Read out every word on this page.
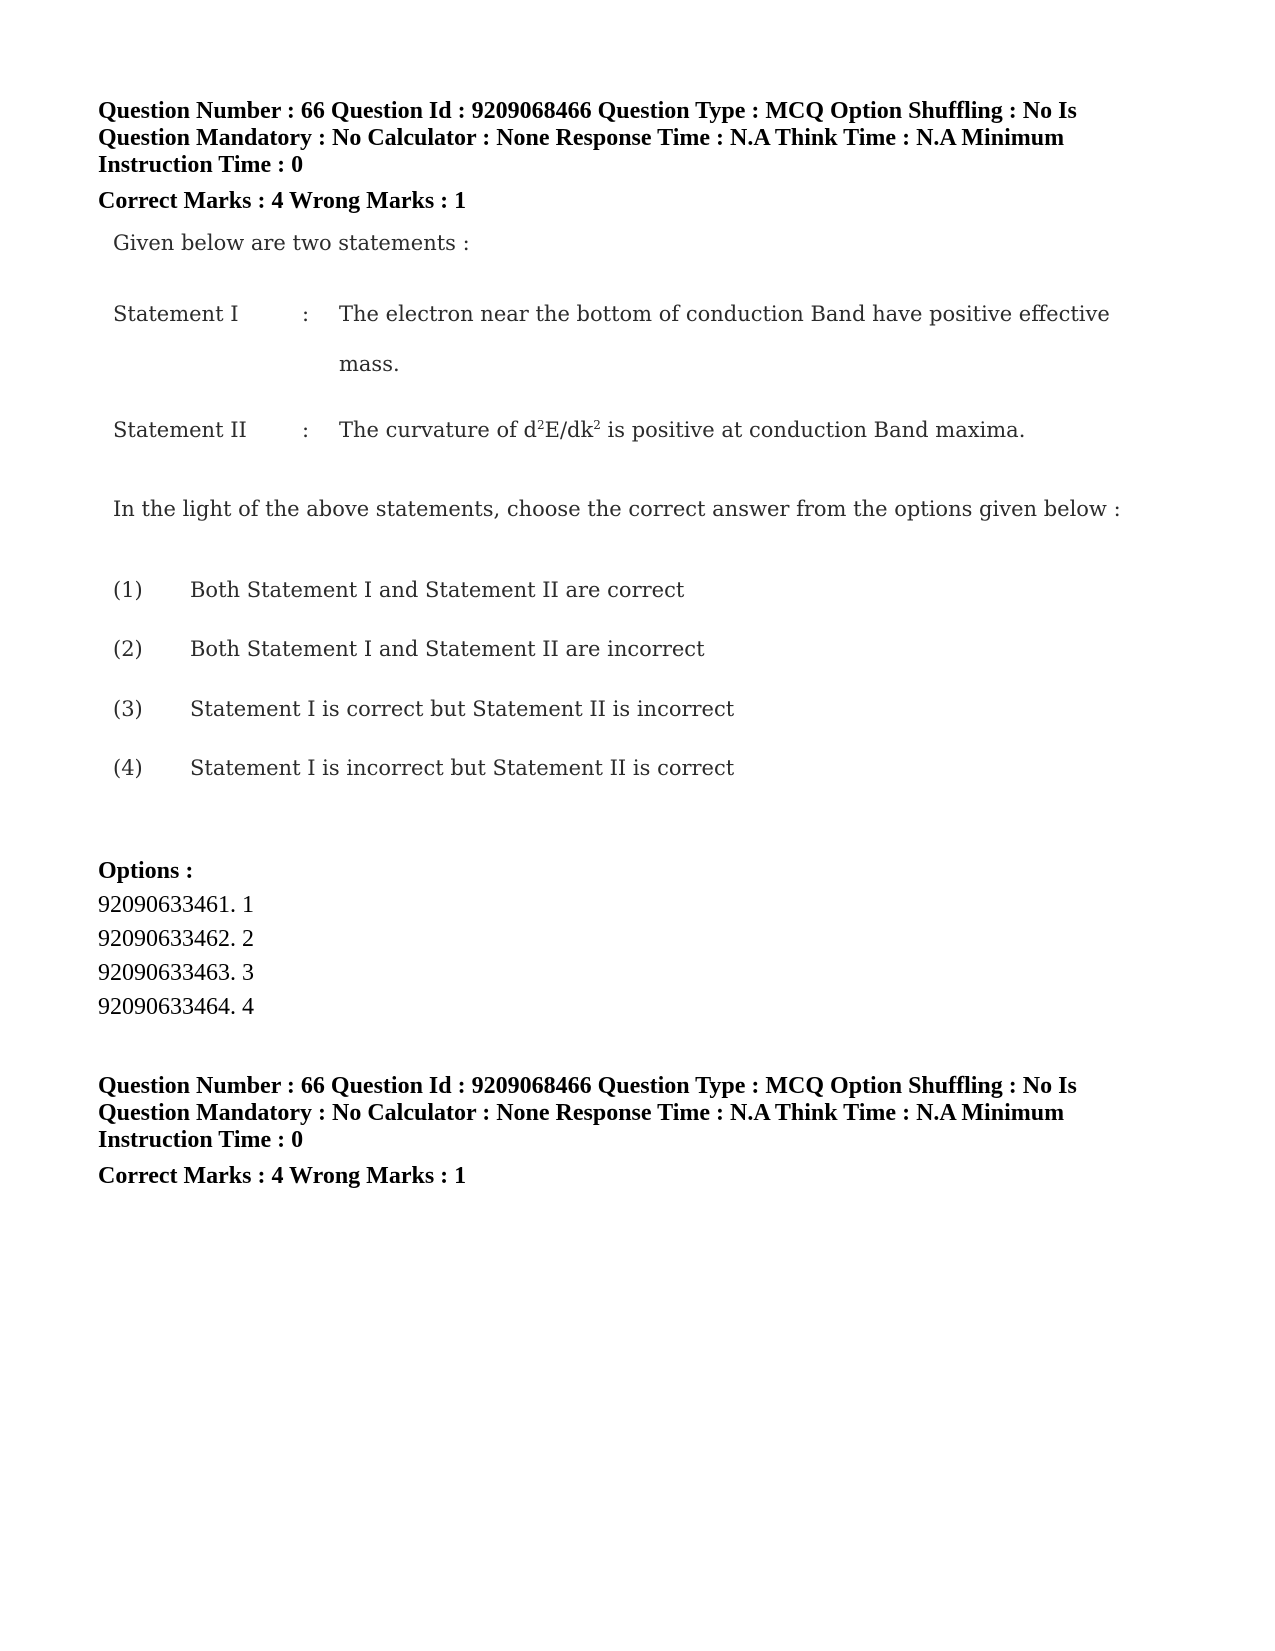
Question Number : 66 Question Id : 9209068466 Question Type : MCQ Option Shuffling : No Is Question Mandatory : No Calculator : None Response Time : N.A Think Time : N.A Minimum Instruction Time : 0
Correct Marks : 4 Wrong Marks : 1
Given below are two statements :
Statement I	: The electron near the bottom of conduction Band have positive effective
mass.
Statement II	: The curvature of $d^2E/dk^2$ is positive at conduction Band maxima.
In the light of the above statements, choose the correct answer from the options given below :
(1) Both Statement I and Statement II are correct
(2) Both Statement I and Statement II are incorrect
(3) Statement I is correct but Statement II is incorrect
(4) Statement I is incorrect but Statement II is correct
Options :
92090633461. 1
92090633462. 2
92090633463. 3
92090633464. 4
Question Number : 66 Question Id : 9209068466 Question Type : MCQ Option Shuffling : No Is Question Mandatory : No Calculator : None Response Time : N.A Think Time : N.A Minimum Instruction Time : 0
Correct Marks : 4 Wrong Marks : 1
